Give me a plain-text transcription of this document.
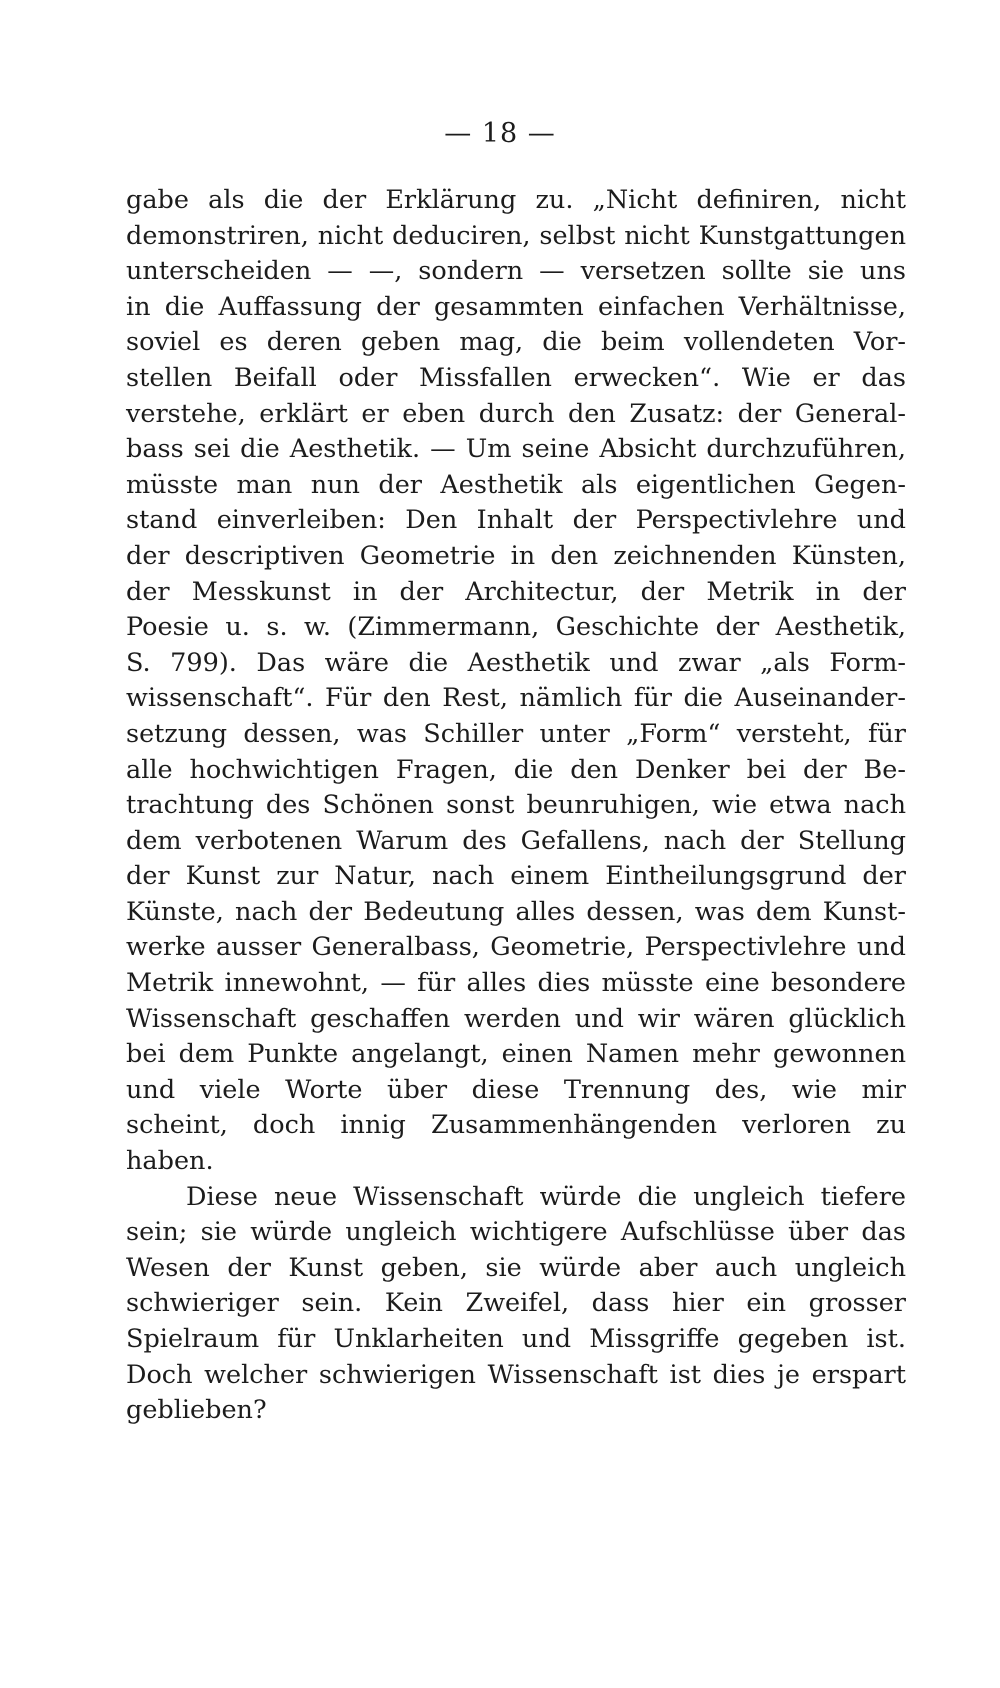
— 18 —
gabe als die der Erklärung zu. „Nicht definiren, nicht
demonstriren, nicht deduciren, selbst nicht Kunstgattungen
unterscheiden — —, sondern — versetzen sollte sie uns
in die Auffassung der gesammten einfachen Verhältnisse,
soviel es deren geben mag, die beim vollendeten Vor-
stellen Beifall oder Missfallen erwecken“. Wie er das
verstehe, erklärt er eben durch den Zusatz: der General-
bass sei die Aesthetik. — Um seine Absicht durchzuführen,
müsste man nun der Aesthetik als eigentlichen Gegen-
stand einverleiben: Den Inhalt der Perspectivlehre und
der descriptiven Geometrie in den zeichnenden Künsten,
der Messkunst in der Architectur, der Metrik in der
Poesie u. s. w. (Zimmermann, Geschichte der Aesthetik,
S. 799). Das wäre die Aesthetik und zwar „als Form-
wissenschaft“. Für den Rest, nämlich für die Auseinander-
setzung dessen, was Schiller unter „Form“ versteht, für
alle hochwichtigen Fragen, die den Denker bei der Be-
trachtung des Schönen sonst beunruhigen, wie etwa nach
dem verbotenen Warum des Gefallens, nach der Stellung
der Kunst zur Natur, nach einem Eintheilungsgrund der
Künste, nach der Bedeutung alles dessen, was dem Kunst-
werke ausser Generalbass, Geometrie, Perspectivlehre und
Metrik innewohnt, — für alles dies müsste eine besondere
Wissenschaft geschaffen werden und wir wären glücklich
bei dem Punkte angelangt, einen Namen mehr gewonnen
und viele Worte über diese Trennung des, wie mir
scheint, doch innig Zusammenhängenden verloren zu
haben.
Diese neue Wissenschaft würde die ungleich tiefere
sein; sie würde ungleich wichtigere Aufschlüsse über das
Wesen der Kunst geben, sie würde aber auch ungleich
schwieriger sein. Kein Zweifel, dass hier ein grosser
Spielraum für Unklarheiten und Missgriffe gegeben ist.
Doch welcher schwierigen Wissenschaft ist dies je erspart
geblieben?
